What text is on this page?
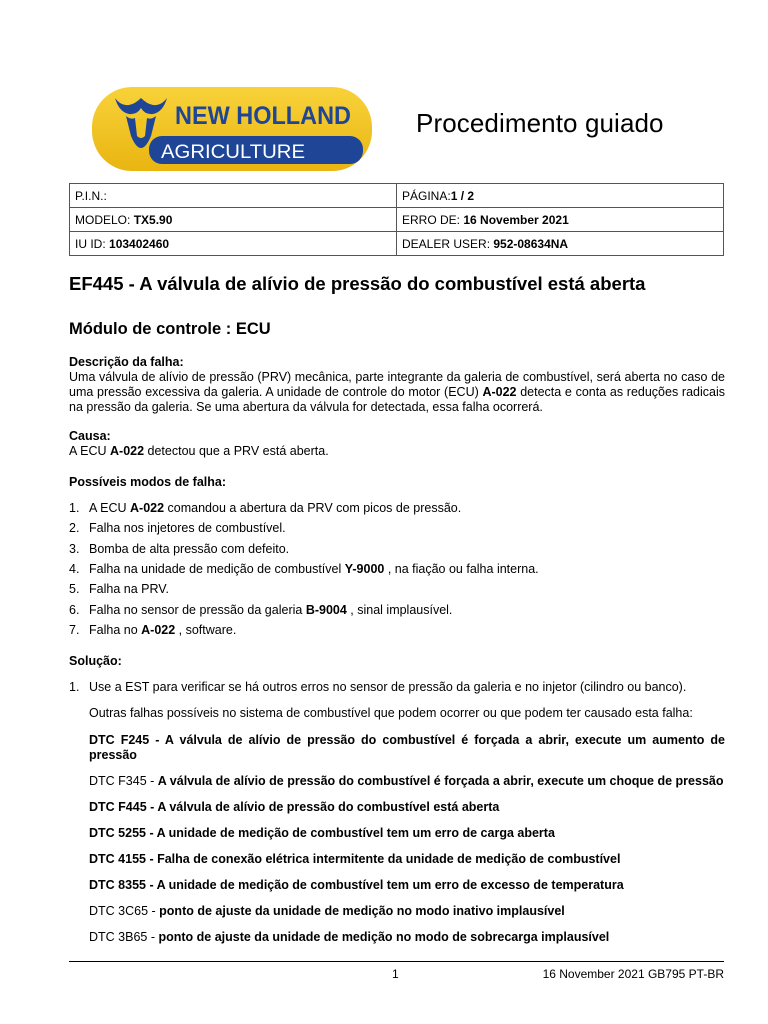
NEW HOLLAND
AGRICULTURE
Procedimento guiado
P.I.N.:	PÁGINA:1 / 2
MODELO: TX5.90	ERRO DE: 16 November 2021
IU ID: 103402460	DEALER USER: 952-08634NA
EF445 - A válvula de alívio de pressão do combustível está aberta
Módulo de controle : ECU
Descrição da falha:
Uma válvula de alívio de pressão (PRV) mecânica, parte integrante da galeria de combustível, será aberta no caso de uma pressão excessiva da galeria. A unidade de controle do motor (ECU) A-022 detecta e conta as reduções radicais na pressão da galeria. Se uma abertura da válvula for detectada, essa falha ocorrerá.
Causa:
A ECU A-022 detectou que a PRV está aberta.
Possíveis modos de falha:
1. A ECU A-022 comandou a abertura da PRV com picos de pressão.
2. Falha nos injetores de combustível.
3. Bomba de alta pressão com defeito.
4. Falha na unidade de medição de combustível Y-9000 , na fiação ou falha interna.
5. Falha na PRV.
6. Falha no sensor de pressão da galeria B-9004 , sinal implausível.
7. Falha no A-022 , software.
Solução:
1. Use a EST para verificar se há outros erros no sensor de pressão da galeria e no injetor (cilindro ou banco).
Outras falhas possíveis no sistema de combustível que podem ocorrer ou que podem ter causado esta falha:
DTC F245 - A válvula de alívio de pressão do combustível é forçada a abrir, execute um aumento de pressão
DTC F345 - A válvula de alívio de pressão do combustível é forçada a abrir, execute um choque de pressão
DTC F445 - A válvula de alívio de pressão do combustível está aberta
DTC 5255 - A unidade de medição de combustível tem um erro de carga aberta
DTC 4155 - Falha de conexão elétrica intermitente da unidade de medição de combustível
DTC 8355 - A unidade de medição de combustível tem um erro de excesso de temperatura
DTC 3C65 - ponto de ajuste da unidade de medição no modo inativo implausível
DTC 3B65 - ponto de ajuste da unidade de medição no modo de sobrecarga implausível
1	16 November 2021 GB795 PT-BR
